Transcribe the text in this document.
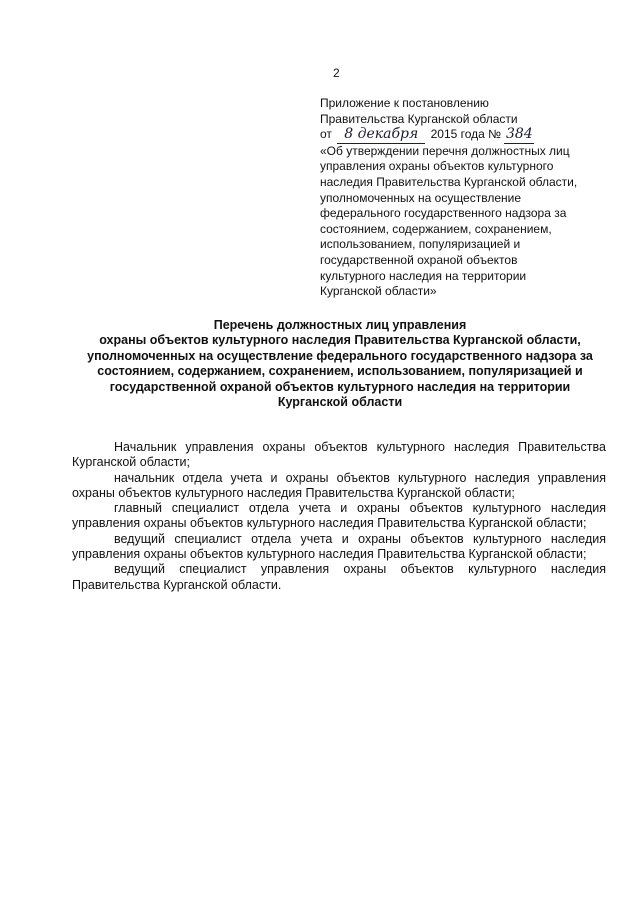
2
Приложение к постановлению
Правительства Курганской области
от 8 декабря 2015 года № 384
«Об утверждении перечня должностных лиц
управления охраны объектов культурного
наследия Правительства Курганской области,
уполномоченных на осуществление
федерального государственного надзора за
состоянием, содержанием, сохранением,
использованием, популяризацией и
государственной охраной объектов
культурного наследия на территории
Курганской области»
Перечень должностных лиц управления
охраны объектов культурного наследия Правительства Курганской области,
уполномоченных на осуществление федерального государственного надзора за
состоянием, содержанием, сохранением, использованием, популяризацией и
государственной охраной объектов культурного наследия на территории
Курганской области

Начальник управления охраны объектов культурного наследия Правительства Курганской области;

начальник отдела учета и охраны объектов культурного наследия управления охраны объектов культурного наследия Правительства Курганской области;

главный специалист отдела учета и охраны объектов культурного наследия управления охраны объектов культурного наследия Правительства Курганской области;

ведущий специалист отдела учета и охраны объектов культурного наследия управления охраны объектов культурного наследия Правительства Курганской области;

ведущий специалист управления охраны объектов культурного наследия Правительства Курганской области.
